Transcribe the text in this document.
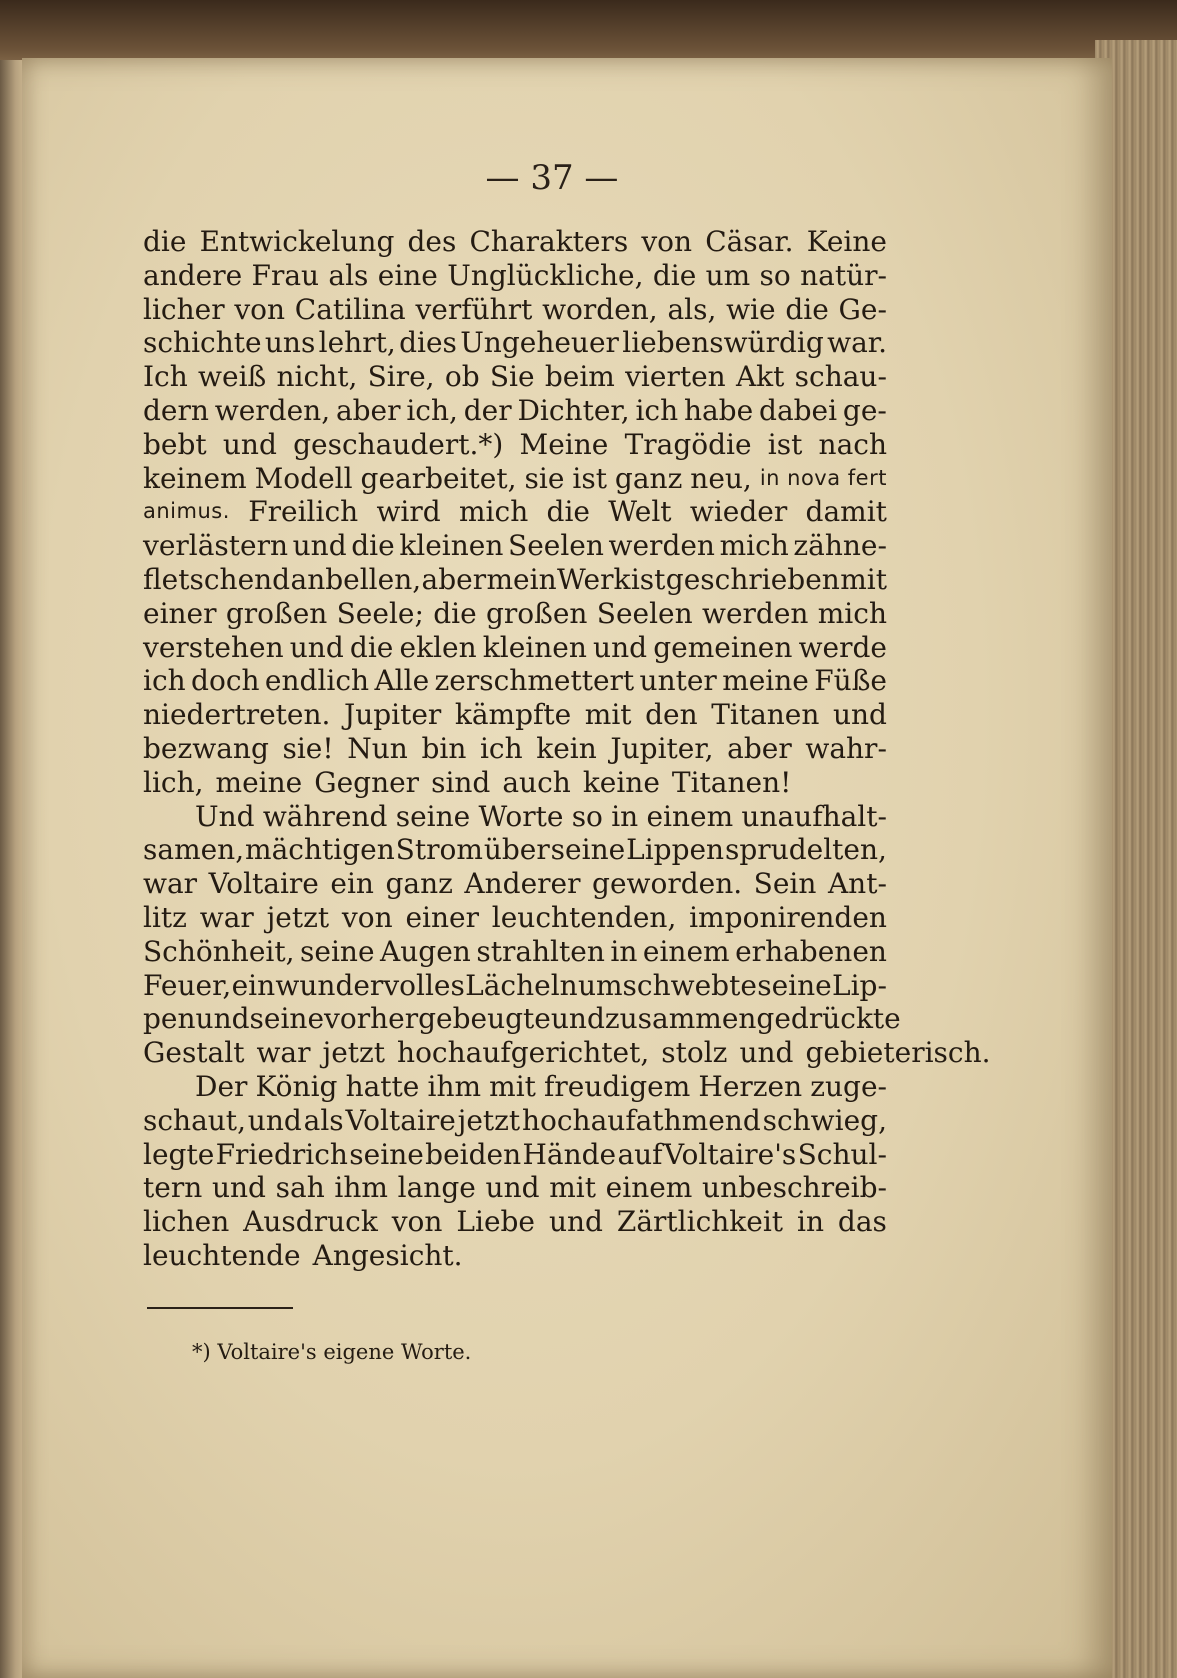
— 37 —
die Entwickelung des Charakters von Cäsar. Keine
andere Frau als eine Unglückliche, die um so natür-
licher von Catilina verführt worden, als, wie die Ge-
schichte uns lehrt, dies Ungeheuer liebenswürdig war.
Ich weiß nicht, Sire, ob Sie beim vierten Akt schau-
dern werden, aber ich, der Dichter, ich habe dabei ge-
bebt und geschaudert.*) Meine Tragödie ist nach
keinem Modell gearbeitet, sie ist ganz neu, in nova fert
animus. Freilich wird mich die Welt wieder damit
verlästern und die kleinen Seelen werden mich zähne-
fletschend anbellen, aber mein Werk ist geschrieben mit
einer großen Seele; die großen Seelen werden mich
verstehen und die eklen kleinen und gemeinen werde
ich doch endlich Alle zerschmettert unter meine Füße
niedertreten. Jupiter kämpfte mit den Titanen und
bezwang sie! Nun bin ich kein Jupiter, aber wahr-
lich, meine Gegner sind auch keine Titanen!
Und während seine Worte so in einem unaufhalt-
samen, mächtigen Strom über seine Lippen sprudelten,
war Voltaire ein ganz Anderer geworden. Sein Ant-
litz war jetzt von einer leuchtenden, imponirenden
Schönheit, seine Augen strahlten in einem erhabenen
Feuer, ein wundervolles Lächeln umschwebte seine Lip-
pen und seine vorher gebeugte und zusammengedrückte
Gestalt war jetzt hochaufgerichtet, stolz und gebieterisch.
Der König hatte ihm mit freudigem Herzen zuge-
schaut, und als Voltaire jetzt hochaufathmend schwieg,
legte Friedrich seine beiden Hände auf Voltaire's Schul-
tern und sah ihm lange und mit einem unbeschreib-
lichen Ausdruck von Liebe und Zärtlichkeit in das
leuchtende Angesicht.
*) Voltaire's eigene Worte.
